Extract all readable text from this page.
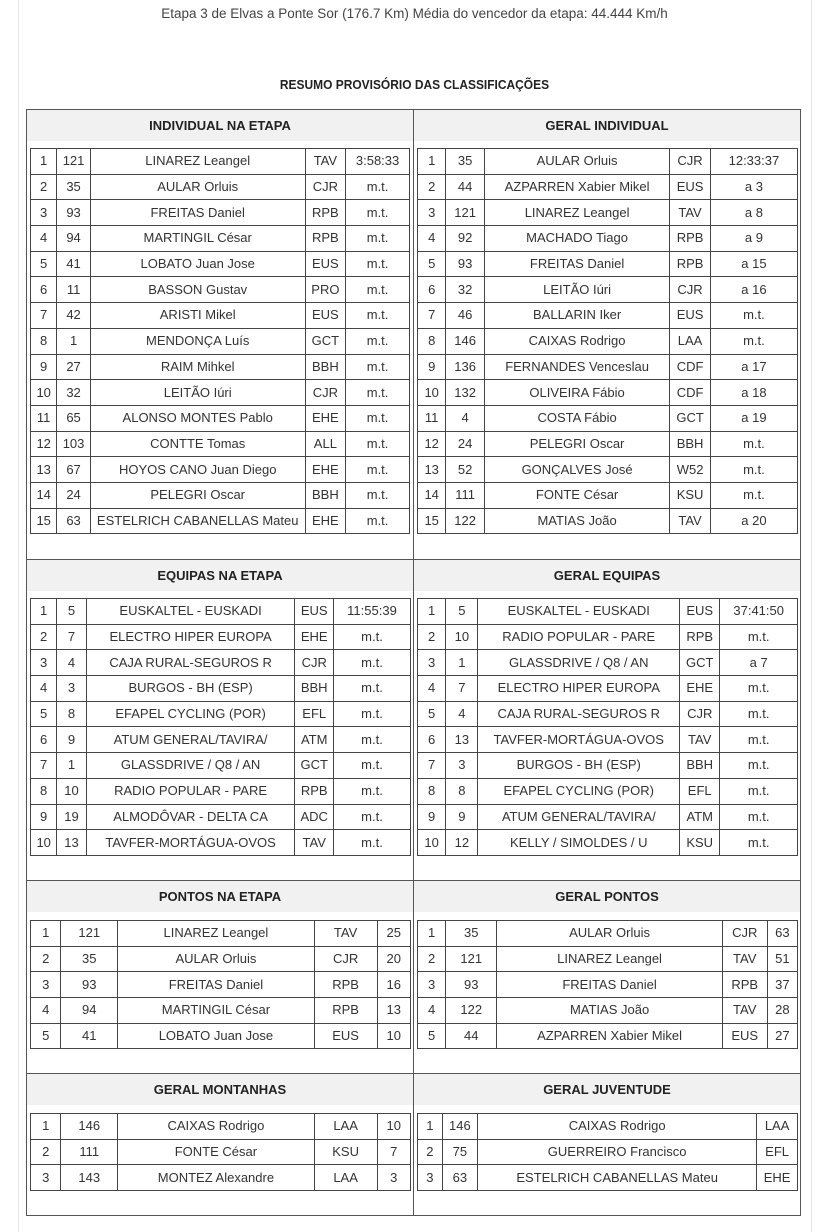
Etapa 3 de Elvas a Ponte Sor (176.7 Km) Média do vencedor da etapa: 44.444 Km/h
RESUMO PROVISÓRIO DAS CLASSIFICAÇÕES
INDIVIDUAL NA ETAPA	GERAL INDIVIDUAL
EQUIPAS NA ETAPA	GERAL EQUIPAS
PONTOS NA ETAPA	GERAL PONTOS
GERAL MONTANHAS	GERAL JUVENTUDE
1	121	LINAREZ Leangel	TAV	3:58:33
2	35	AULAR Orluis	CJR	m.t.
3	93	FREITAS Daniel	RPB	m.t.
4	94	MARTINGIL César	RPB	m.t.
5	41	LOBATO Juan Jose	EUS	m.t.
6	11	BASSON Gustav	PRO	m.t.
7	42	ARISTI Mikel	EUS	m.t.
8	1	MENDONÇA Luís	GCT	m.t.
9	27	RAIM Mihkel	BBH	m.t.
10	32	LEITÃO Iúri	CJR	m.t.
11	65	ALONSO MONTES Pablo	EHE	m.t.
12	103	CONTTE Tomas	ALL	m.t.
13	67	HOYOS CANO Juan Diego	EHE	m.t.
14	24	PELEGRI Oscar	BBH	m.t.
15	63	ESTELRICH CABANELLAS Mateu	EHE	m.t.
1	35	AULAR Orluis	CJR	12:33:37
2	44	AZPARREN Xabier Mikel	EUS	a 3
3	121	LINAREZ Leangel	TAV	a 8
4	92	MACHADO Tiago	RPB	a 9
5	93	FREITAS Daniel	RPB	a 15
6	32	LEITÃO Iúri	CJR	a 16
7	46	BALLARIN Iker	EUS	m.t.
8	146	CAIXAS Rodrigo	LAA	m.t.
9	136	FERNANDES Venceslau	CDF	a 17
10	132	OLIVEIRA Fábio	CDF	a 18
11	4	COSTA Fábio	GCT	a 19
12	24	PELEGRI Oscar	BBH	m.t.
13	52	GONÇALVES José	W52	m.t.
14	111	FONTE César	KSU	m.t.
15	122	MATIAS João	TAV	a 20
1	5	EUSKALTEL - EUSKADI	EUS	11:55:39
2	7	ELECTRO HIPER EUROPA	EHE	m.t.
3	4	CAJA RURAL-SEGUROS R	CJR	m.t.
4	3	BURGOS - BH (ESP)	BBH	m.t.
5	8	EFAPEL CYCLING (POR)	EFL	m.t.
6	9	ATUM GENERAL/TAVIRA/	ATM	m.t.
7	1	GLASSDRIVE / Q8 / AN	GCT	m.t.
8	10	RADIO POPULAR - PARE	RPB	m.t.
9	19	ALMODÔVAR - DELTA CA	ADC	m.t.
10	13	TAVFER-MORTÁGUA-OVOS	TAV	m.t.
1	5	EUSKALTEL - EUSKADI	EUS	37:41:50
2	10	RADIO POPULAR - PARE	RPB	m.t.
3	1	GLASSDRIVE / Q8 / AN	GCT	a 7
4	7	ELECTRO HIPER EUROPA	EHE	m.t.
5	4	CAJA RURAL-SEGUROS R	CJR	m.t.
6	13	TAVFER-MORTÁGUA-OVOS	TAV	m.t.
7	3	BURGOS - BH (ESP)	BBH	m.t.
8	8	EFAPEL CYCLING (POR)	EFL	m.t.
9	9	ATUM GENERAL/TAVIRA/	ATM	m.t.
10	12	KELLY / SIMOLDES / U	KSU	m.t.
1	121	LINAREZ Leangel	TAV	25
2	35	AULAR Orluis	CJR	20
3	93	FREITAS Daniel	RPB	16
4	94	MARTINGIL César	RPB	13
5	41	LOBATO Juan Jose	EUS	10
1	35	AULAR Orluis	CJR	63
2	121	LINAREZ Leangel	TAV	51
3	93	FREITAS Daniel	RPB	37
4	122	MATIAS João	TAV	28
5	44	AZPARREN Xabier Mikel	EUS	27
1	146	CAIXAS Rodrigo	LAA	10
2	111	FONTE César	KSU	7
3	143	MONTEZ Alexandre	LAA	3
1	146	CAIXAS Rodrigo	LAA
2	75	GUERREIRO Francisco	EFL
3	63	ESTELRICH CABANELLAS Mateu	EHE
